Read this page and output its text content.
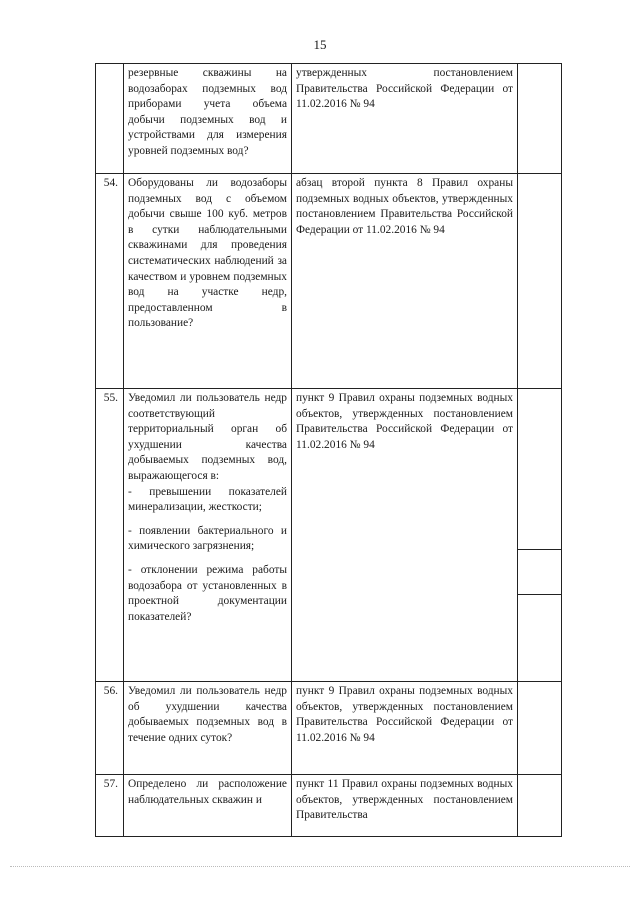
15
	резервные скважины на водозаборах подземных вод приборами учета объема добычи подземных вод и устройствами для измерения уровней подземных вод?	утвержденных постановлением Правительства Российской Федерации от 11.02.2016 № 94	
54.	Оборудованы ли водозаборы подземных вод с объемом добычи свыше 100 куб. метров в сутки наблюдательными скважинами для проведения систематических наблюдений за качеством и уровнем подземных вод на участке недр, предоставленном в пользование?	абзац второй пункта 8 Правил охраны подземных водных объектов, утвержденных постановлением Правительства Российской Федерации от 11.02.2016 № 94	
55.	Уведомил ли пользователь недр соответствующий территориальный орган об ухудшении качества добываемых подземных вод, выражающегося в:

- превышении показателей минерализации, жесткости;

- появлении бактериального и химического загрязнения;

- отклонении режима работы водозабора от установленных в проектной документации показателей?	пункт 9 Правил охраны подземных водных объектов, утвержденных постановлением Правительства Российской Федерации от 11.02.2016 № 94	

56.	Уведомил ли пользователь недр об ухудшении качества добываемых подземных вод в течение одних суток?	пункт 9 Правил охраны подземных водных объектов, утвержденных постановлением Правительства Российской Федерации от 11.02.2016 № 94	
57.	Определено ли расположение наблюдательных скважин и	пункт 11 Правил охраны подземных водных объектов, утвержденных постановлением Правительства	
